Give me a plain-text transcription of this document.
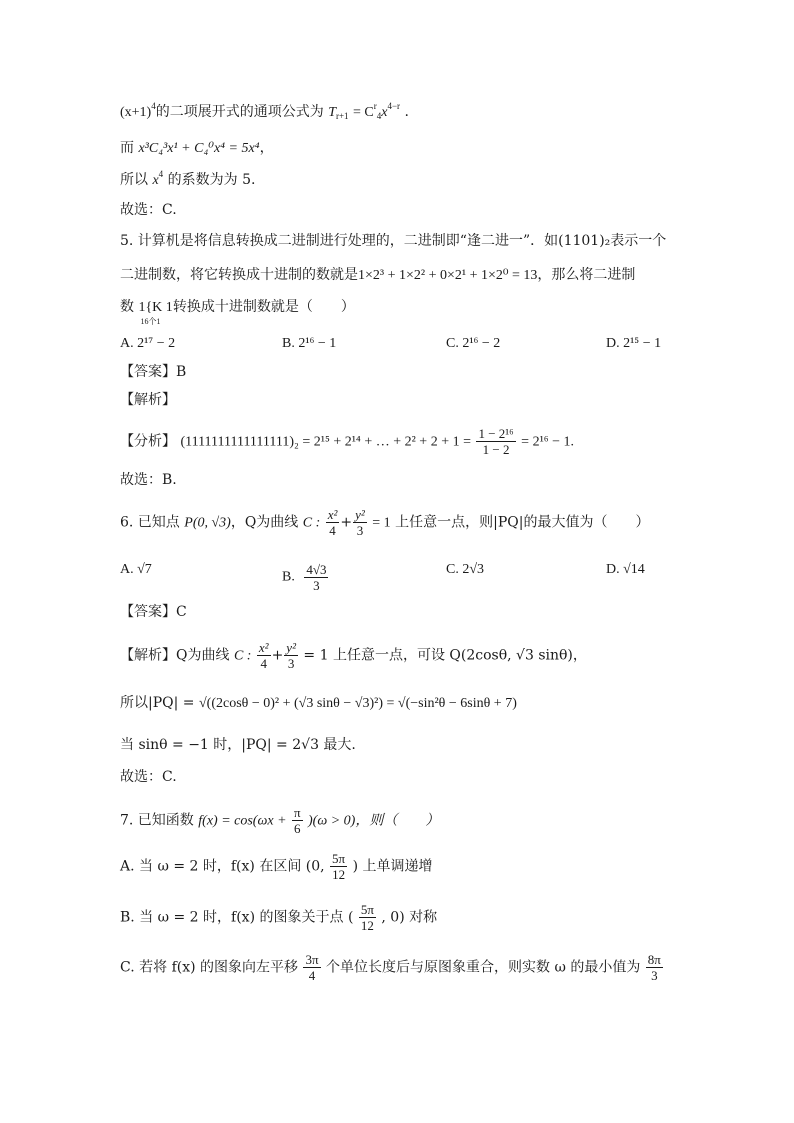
$(x+1)^4$的二项展开式的通项公式为 $T_{r+1} = C^r_4x^{4-r}$ .
而 x³C₄³x¹ + C₄⁰x⁴ = 5x⁴，
所以 $x^4$ 的系数为为 5.
故选：C.
5. 计算机是将信息转换成二进制进行处理的，二进制即“逢二进一”．如(1101)₂表示一个
二进制数，将它转换成十进制的数就是1×2³ + 1×2² + 0×2¹ + 1×2⁰ = 13，那么将二进制
数 1{K 1
16个1
转换成十进制数就是（　　）
A. 2¹⁷ − 2	B. 2¹⁶ − 1	C. 2¹⁶ − 2	D. 2¹⁵ − 1
【答案】B
【解析】
【分析】 (1111111111111111)₂ = 2¹⁵ + 2¹⁴ + … + $2^2 + 2 + 1 = \frac{\text{1 − 2¹⁶}}{1 - 2} = 2^{16} - 1$.
故选：B.
6. 已知点 P(0, √3)，Q为曲线 C : $\frac{\text{x²}}{4} + \frac{\text{y²}}{3} = 1$ 上任意一点，则|PQ|的最大值为（　　）
A. √7
B. $\frac{4√3}{3}$	C. 2√3	D. √14
【答案】C
【解析】Q为曲线 C : $\frac{\text{x²}}{4} + \frac{\text{y²}}{3} = 1$ 上任意一点，可设 Q(2cosθ, √3 sinθ)，
所以|PQ| = √((2cosθ − 0)² + (√3 sinθ − √3)²) = √(−sin²θ − 6sinθ + 7)
当 sinθ = −1 时，|PQ| = 2√3 最大.
故选：C.
7. 已知函数 $f(x) = \cos(\omega x + \frac{\pi}{6} )(\omega > 0)$，则（　　）
A. 当 ω = 2 时，f(x) 在区间 (0, $\frac{5\pi}{12}$ ) 上单调递增
B. 当 ω = 2 时，f(x) 的图象关于点 ( $\frac{5\pi}{12}$ , 0) 对称
C. 若将 f(x) 的图象向左平移 $\frac{3\pi}{4}$ 个单位长度后与原图象重合，则实数 ω 的最小值为 $\frac{8\pi}{3}$
